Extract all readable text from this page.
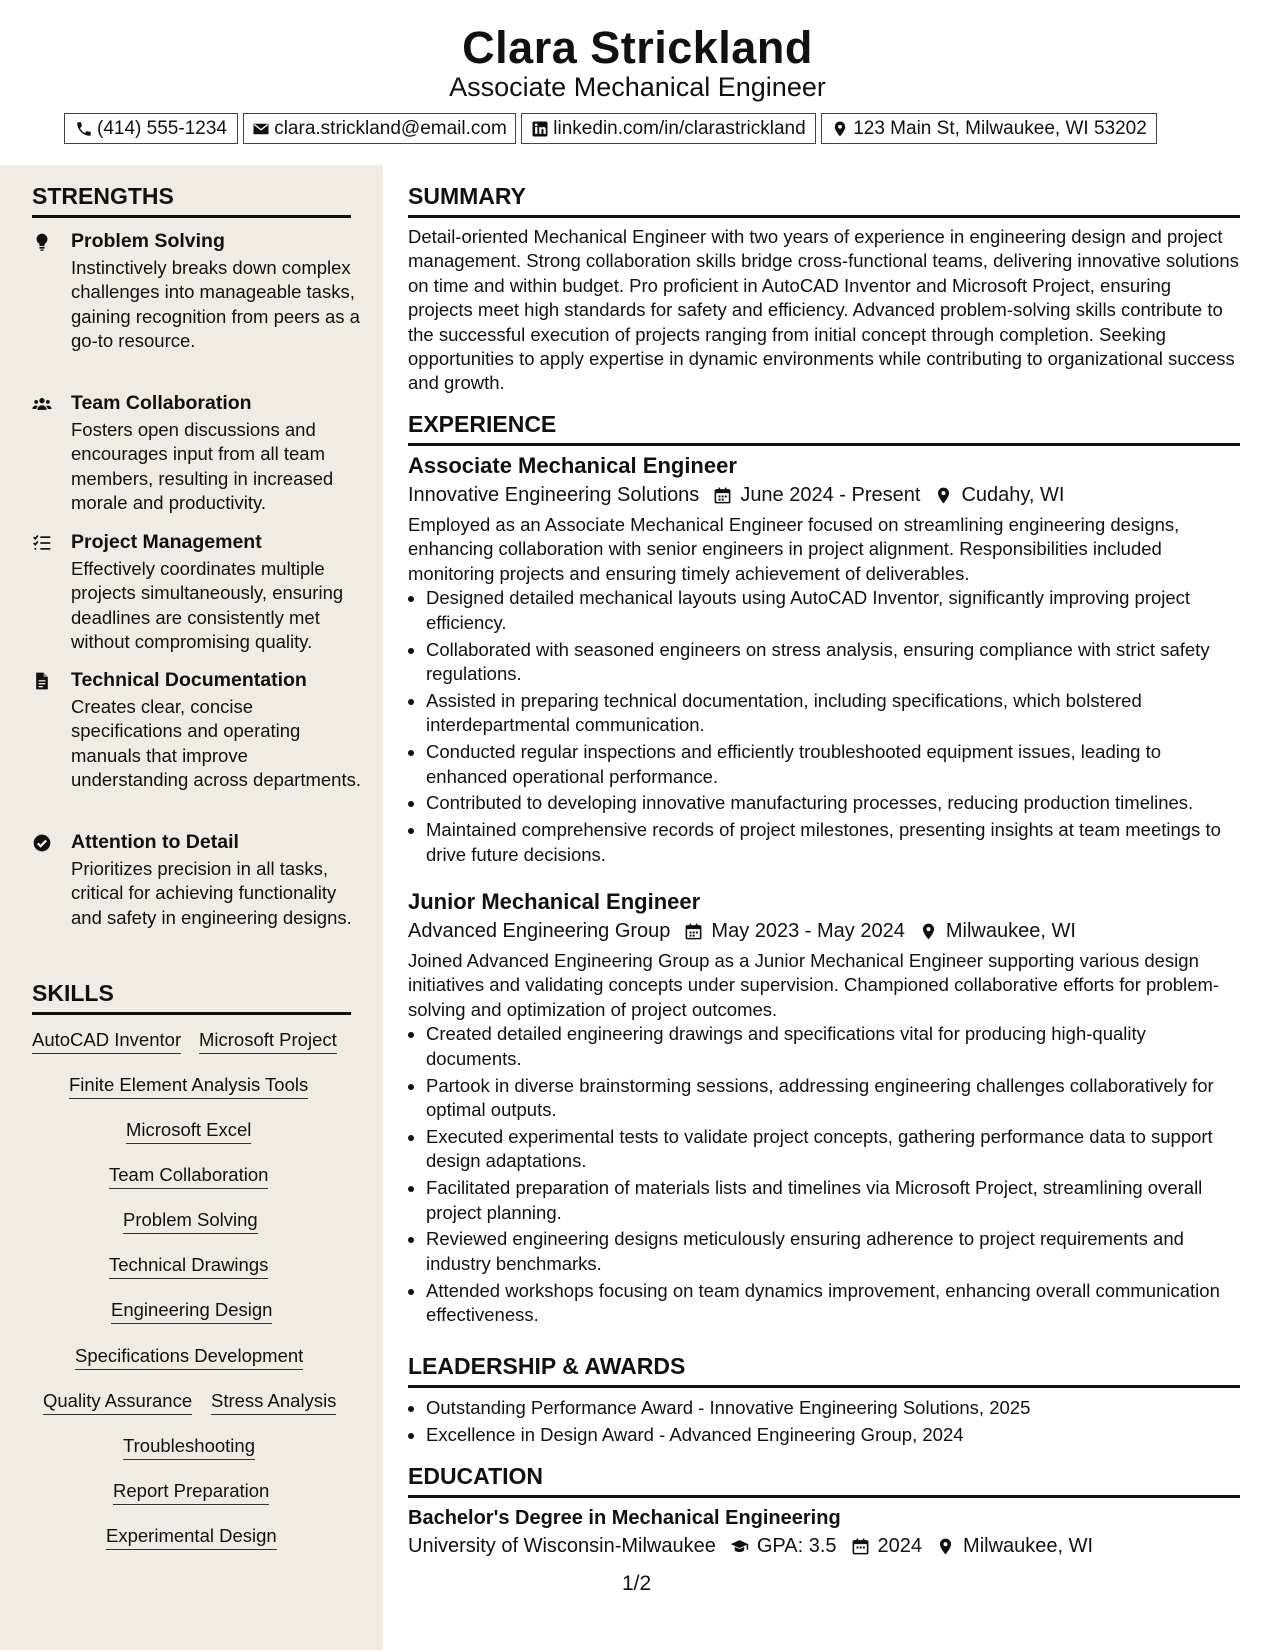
Clara Strickland
Associate Mechanical Engineer
(414) 555-1234 clara.strickland@email.com linkedin.com/in/clarastrickland	123 Main St, Milwaukee, WI 53202
STRENGTHS
Problem Solving
Instinctively breaks down complex challenges into manageable tasks, gaining recognition from peers as a go-to resource.
Team Collaboration
Fosters open discussions and encourages input from all team members, resulting in increased morale and productivity.
Project Management
Effectively coordinates multiple projects simultaneously, ensuring deadlines are consistently met without compromising quality.
Technical Documentation
Creates clear, concise specifications and operating manuals that improve understanding across departments.
Attention to Detail
Prioritizes precision in all tasks, critical for achieving functionality and safety in engineering designs.
SKILLS
AutoCAD Inventor Microsoft Project
Finite Element Analysis Tools
Microsoft Excel
Team Collaboration
Problem Solving
Technical Drawings
Engineering Design
Specifications Development
Quality Assurance Stress Analysis
Troubleshooting
Report Preparation
Experimental Design
SUMMARY
Detail-oriented Mechanical Engineer with two years of experience in engineering design and project management. Strong collaboration skills bridge cross-functional teams, delivering innovative solutions on time and within budget. Pro proficient in AutoCAD Inventor and Microsoft Project, ensuring projects meet high standards for safety and efficiency. Advanced problem-solving skills contribute to the successful execution of projects ranging from initial concept through completion. Seeking opportunities to apply expertise in dynamic environments while contributing to organizational success and growth.
EXPERIENCE
Associate Mechanical Engineer
Innovative Engineering Solutions June 2024 - Present Cudahy, WI
Employed as an Associate Mechanical Engineer focused on streamlining engineering designs, enhancing collaboration with senior engineers in project alignment. Responsibilities included monitoring projects and ensuring timely achievement of deliverables.
• Designed detailed mechanical layouts using AutoCAD Inventor, significantly improving project efficiency.
• Collaborated with seasoned engineers on stress analysis, ensuring compliance with strict safety regulations.
• Assisted in preparing technical documentation, including specifications, which bolstered interdepartmental communication.
• Conducted regular inspections and efficiently troubleshooted equipment issues, leading to enhanced operational performance.
• Contributed to developing innovative manufacturing processes, reducing production timelines.
• Maintained comprehensive records of project milestones, presenting insights at team meetings to drive future decisions.
Junior Mechanical Engineer
Advanced Engineering Group May 2023 - May 2024 Milwaukee, WI
Joined Advanced Engineering Group as a Junior Mechanical Engineer supporting various design initiatives and validating concepts under supervision. Championed collaborative efforts for problem-solving and optimization of project outcomes.
• Created detailed engineering drawings and specifications vital for producing high-quality documents.
• Partook in diverse brainstorming sessions, addressing engineering challenges collaboratively for optimal outputs.
• Executed experimental tests to validate project concepts, gathering performance data to support design adaptations.
• Facilitated preparation of materials lists and timelines via Microsoft Project, streamlining overall project planning.
• Reviewed engineering designs meticulously ensuring adherence to project requirements and industry benchmarks.
• Attended workshops focusing on team dynamics improvement, enhancing overall communication effectiveness.
LEADERSHIP & AWARDS
• Outstanding Performance Award - Innovative Engineering Solutions, 2025
• Excellence in Design Award - Advanced Engineering Group, 2024
EDUCATION
Bachelor's Degree in Mechanical Engineering
University of Wisconsin-Milwaukee GPA: 3.5 2024 Milwaukee, WI
1/2
